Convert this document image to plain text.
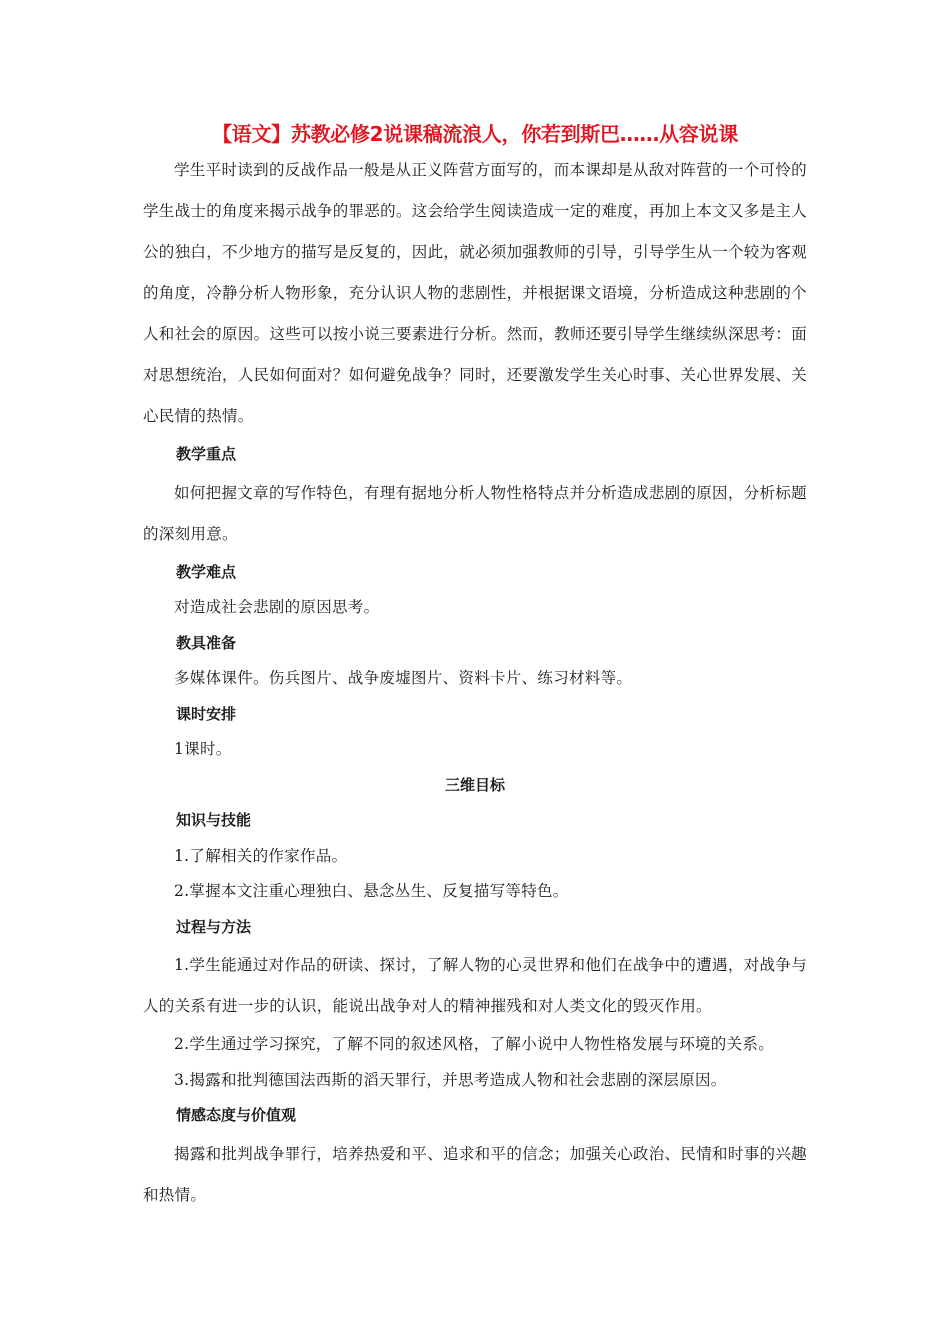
【语文】苏教必修2说课稿流浪人，你若到斯巴……从容说课

学生平时读到的反战作品一般是从正义阵营方面写的，而本课却是从敌对阵营的一个可怜的学生战士的角度来揭示战争的罪恶的。这会给学生阅读造成一定的难度，再加上本文又多是主人公的独白，不少地方的描写是反复的，因此，就必须加强教师的引导，引导学生从一个较为客观的角度，冷静分析人物形象，充分认识人物的悲剧性，并根据课文语境，分析造成这种悲剧的个人和社会的原因。这些可以按小说三要素进行分析。然而，教师还要引导学生继续纵深思考：面对思想统治，人民如何面对？如何避免战争？同时，还要激发学生关心时事、关心世界发展、关心民情的热情。

教学重点

如何把握文章的写作特色，有理有据地分析人物性格特点并分析造成悲剧的原因，分析标题的深刻用意。

教学难点

对造成社会悲剧的原因思考。

教具准备

多媒体课件。伤兵图片、战争废墟图片、资料卡片、练习材料等。

课时安排

1课时。

三维目标
知识与技能

1.了解相关的作家作品。

2.掌握本文注重心理独白、悬念丛生、反复描写等特色。

过程与方法

1.学生能通过对作品的研读、探讨，了解人物的心灵世界和他们在战争中的遭遇，对战争与人的关系有进一步的认识，能说出战争对人的精神摧残和对人类文化的毁灭作用。

2.学生通过学习探究，了解不同的叙述风格，了解小说中人物性格发展与环境的关系。

3.揭露和批判德国法西斯的滔天罪行，并思考造成人物和社会悲剧的深层原因。

情感态度与价值观

揭露和批判战争罪行，培养热爱和平、追求和平的信念；加强关心政治、民情和时事的兴趣和热情。
